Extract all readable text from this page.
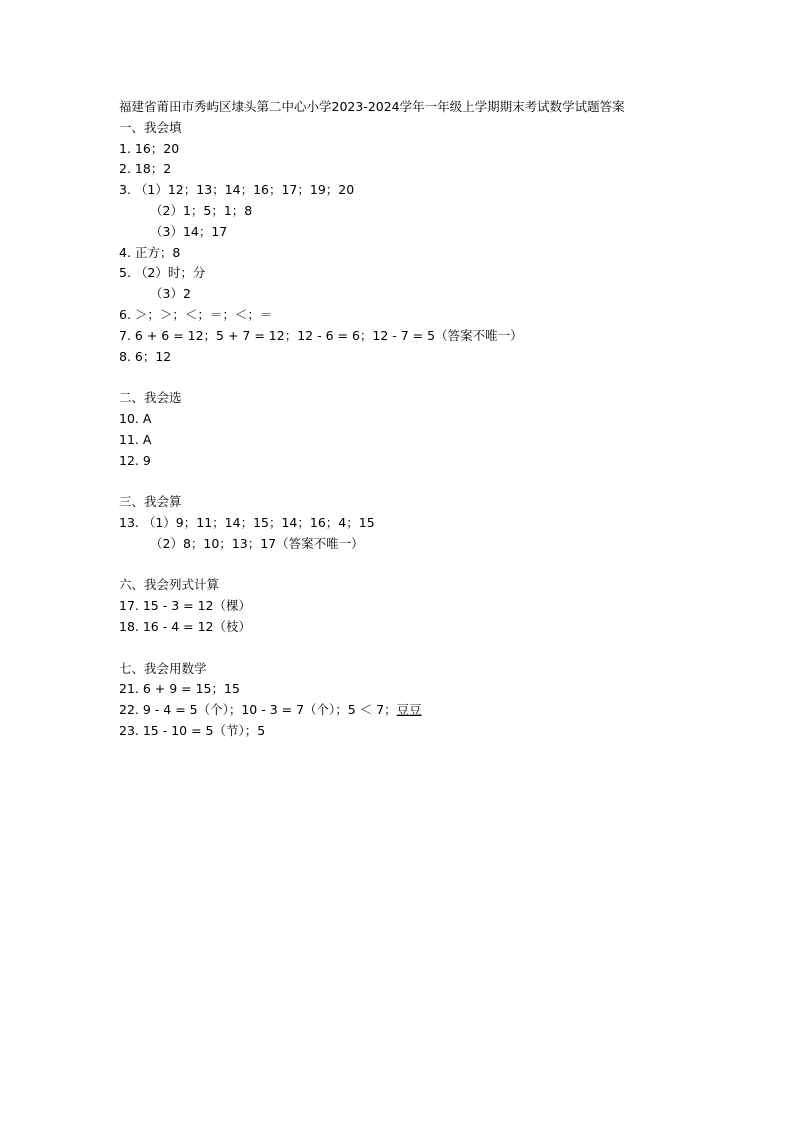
福建省莆田市秀屿区埭头第二中心小学2023-2024学年一年级上学期期末考试数学试题答案
一、我会填
1. 16；20
2. 18；2
3. （1）12；13；14；16；17；19；20
（2）1；5；1；8
（3）14；17
4. 正方；8
5. （2）时；分
（3）2
6. ＞；＞；＜；＝；＜；＝
7. 6 + 6 = 12；5 + 7 = 12；12 - 6 = 6；12 - 7 = 5（答案不唯一）
8. 6；12
二、我会选
10. A
11. A
12. 9
三、我会算
13. （1）9；11；14；15；14；16；4；15
（2）8；10；13；17（答案不唯一）
六、我会列式计算
17. 15 - 3 = 12（棵）
18. 16 - 4 = 12（枝）
七、我会用数学
21. 6 + 9 = 15；15
22. 9 - 4 = 5（个）；10 - 3 = 7（个）；5 ＜ 7；豆豆
23. 15 - 10 = 5（节）；5
